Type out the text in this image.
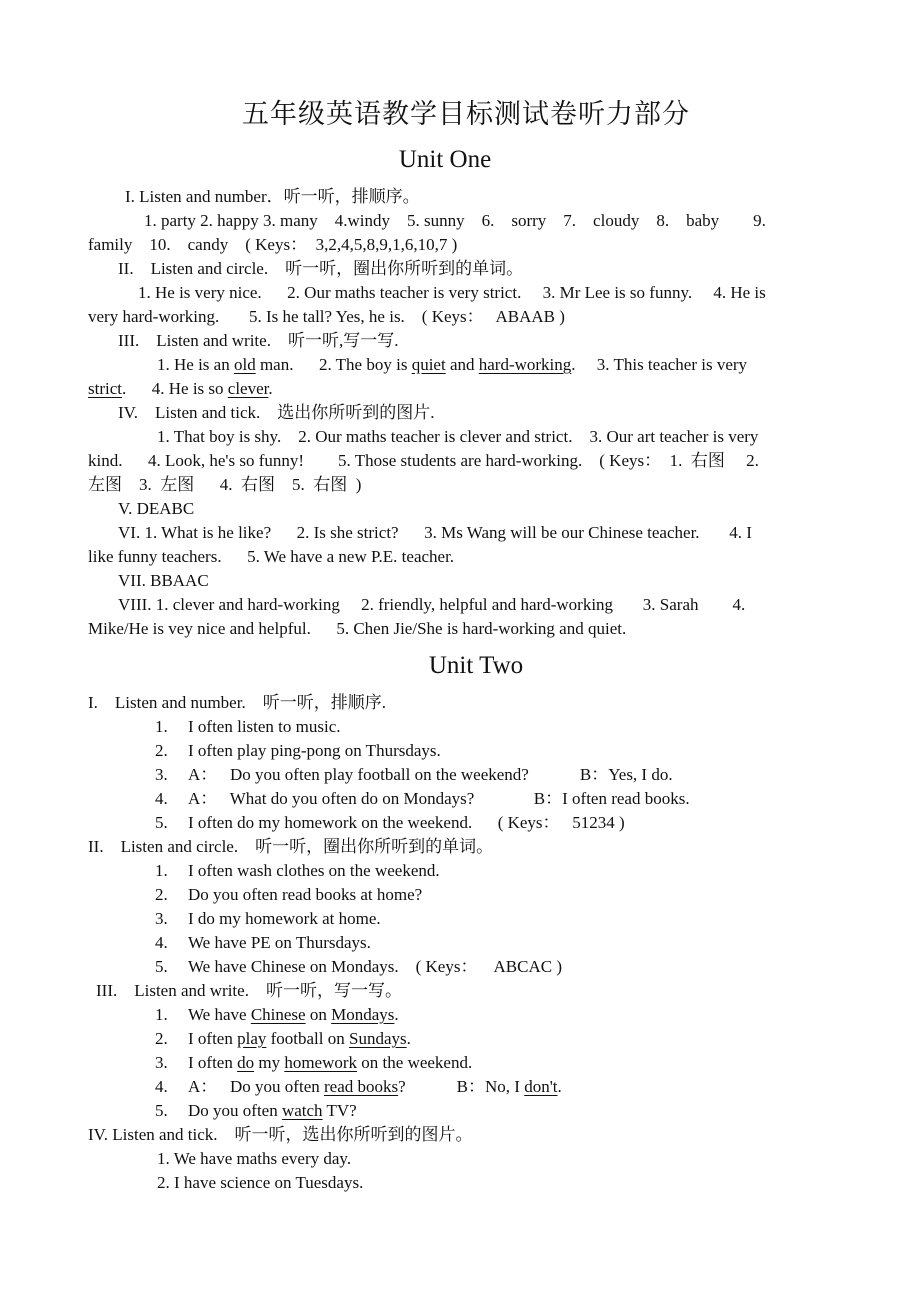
五年级英语教学目标测试卷听力部分
Unit One
I. Listen and number．听一听，排顺序。
1. party 2. happy 3. many    4.windy    5. sunny    6.    sorry    7.    cloudy    8.    baby        9.
family    10.    candy    ( Keys：  3,2,4,5,8,9,1,6,10,7 )
II.    Listen and circle.    听一听，圈出你所听到的单词。
1. He is very nice.      2. Our maths teacher is very strict.     3. Mr Lee is so funny.     4. He is
very hard-working.       5. Is he tall? Yes, he is.    ( Keys：   ABAAB )
III.    Listen and write.    听一听,写一写.
1. He is an old man.      2. The boy is quiet and hard-working.     3. This teacher is very
strict.      4. He is so clever.
IV.    Listen and tick.    选出你所听到的图片.
1. That boy is shy.    2. Our maths teacher is clever and strict.    3. Our art teacher is very
kind.      4. Look, he's so funny!        5. Those students are hard-working.    ( Keys：  1.  右图     2.
左图    3.  左图      4.  右图    5.  右图  )
V. DEABC
VI. 1. What is he like?      2. Is she strict?      3. Ms Wang will be our Chinese teacher.       4. I
like funny teachers.      5. We have a new P.E. teacher.
VII. BBAAC
VIII. 1. clever and hard-working     2. friendly, helpful and hard-working       3. Sarah        4.
Mike/He is vey nice and helpful.      5. Chen Jie/She is hard-working and quiet.
Unit Two
I.    Listen and number.    听一听，排顺序.
1. I often listen to music.
2. I often play ping-pong on Thursdays.
3. A：   Do you often play football on the weekend?            B：Yes, I do.
4. A：   What do you often do on Mondays?              B：I often read books.
5. I often do my homework on the weekend.      ( Keys：   51234 )
II.    Listen and circle.    听一听，圈出你所听到的单词。
1. I often wash clothes on the weekend.
2. Do you often read books at home?
3. I do my homework at home.
4. We have PE on Thursdays.
5. We have Chinese on Mondays.    ( Keys：    ABCAC )
III.    Listen and write.    听一听，写一写。
1. We have Chinese on Mondays.
2. I often play football on Sundays.
3. I often do my homework on the weekend.
4. A：   Do you often read books?            B：No, I don't.
5. Do you often watch TV?
IV. Listen and tick.    听一听，选出你所听到的图片。
1. We have maths every day.
2. I have science on Tuesdays.
